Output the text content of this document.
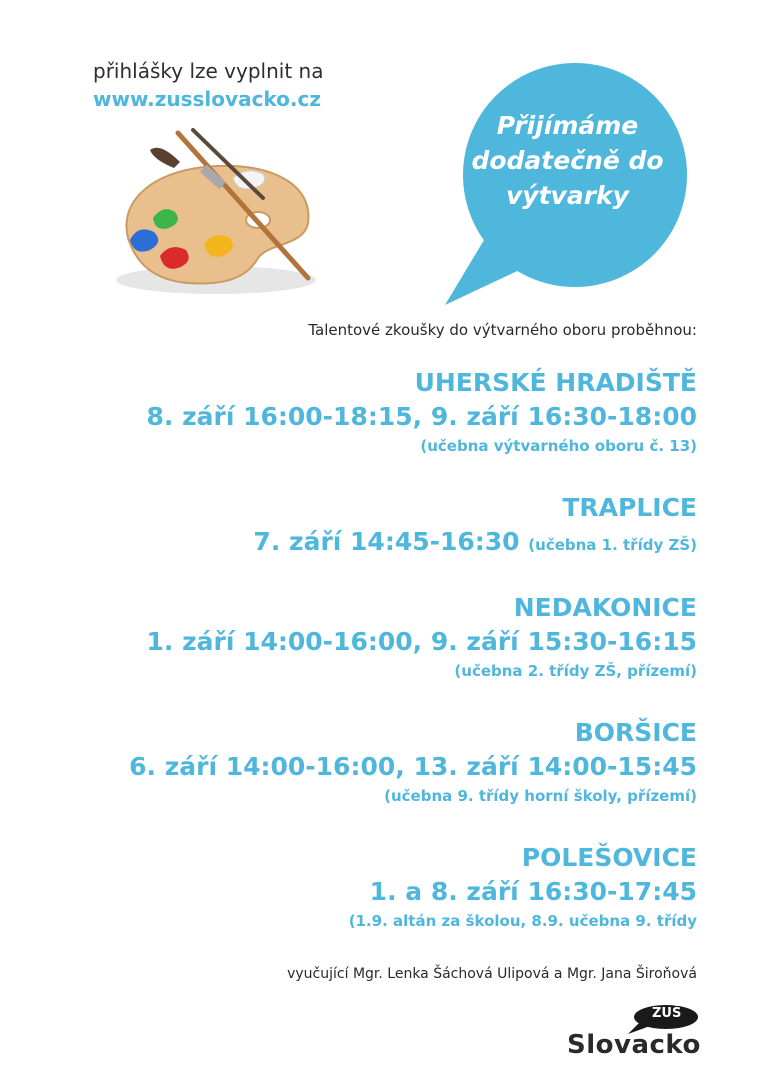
přihlášky lze vyplnit na
www.zusslovacko.cz
Přijímáme
dodatečně do
výtvarky
Talentové zkoušky do výtvarného oboru proběhnou:
UHERSKÉ HRADIŠTĚ
8. září 16:00-18:15, 9. září 16:30-18:00
(učebna výtvarného oboru č. 13)
TRAPLICE
7. září 14:45-16:30 (učebna 1. třídy ZŠ)
NEDAKONICE
1. září 14:00-16:00, 9. září 15:30-16:15
(učebna 2. třídy ZŠ, přízemí)
BORŠICE
6. září 14:00-16:00, 13. září 14:00-15:45
(učebna 9. třídy horní školy, přízemí)
POLEŠOVICE
1. a 8. září 16:30-17:45
(1.9. altán za školou, 8.9. učebna 9. třídy
vyučující Mgr. Lenka Šáchová Ulipová a Mgr. Jana Široňová
ZUŠ
Slovacko
